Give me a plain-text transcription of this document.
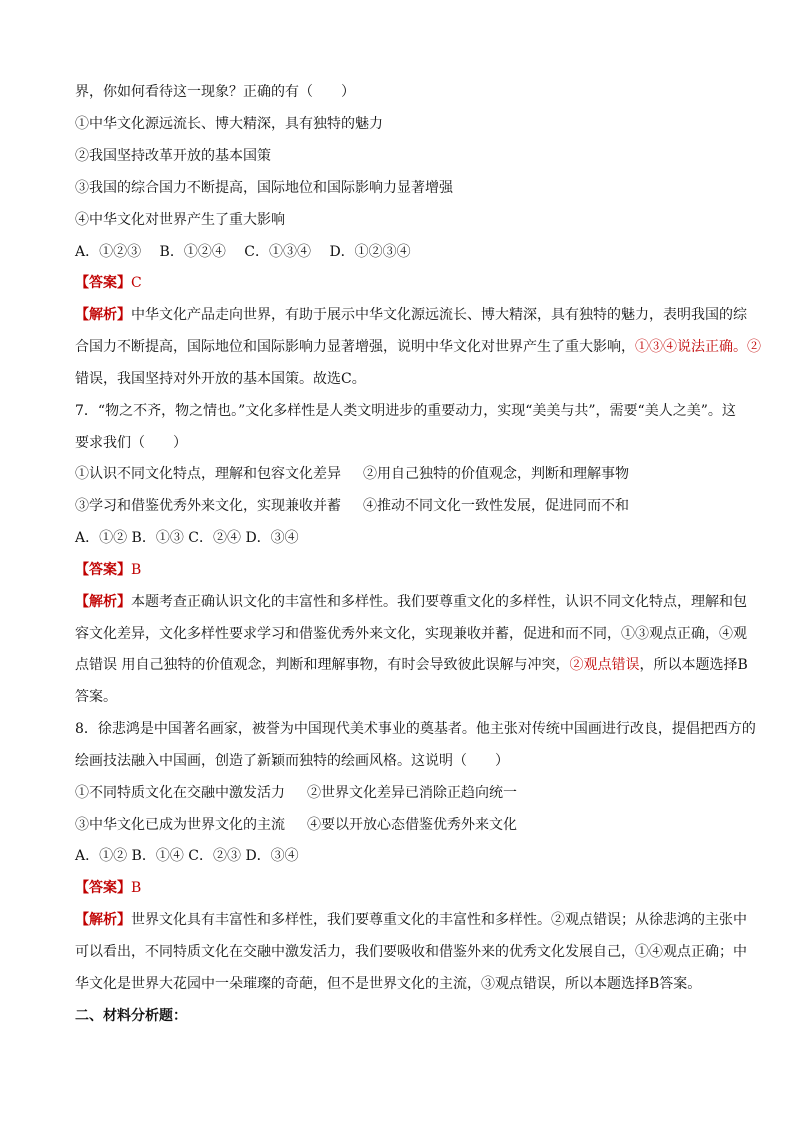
界，你如何看待这一现象？正确的有（　　）
①中华文化源远流长、博大精深，具有独特的魅力
②我国坚持改革开放的基本国策
③我国的综合国力不断提高，国际地位和国际影响力显著增强
④中华文化对世界产生了重大影响
A．①②③　 B．①②④　 C．①③④　 D．①②③④
【答案】C
【解析】中华文化产品走向世界，有助于展示中华文化源远流长、博大精深，具有独特的魅力，表明我国的综
合国力不断提高，国际地位和国际影响力显著增强，说明中华文化对世界产生了重大影响，①③④说法正确。②
错误，我国坚持对外开放的基本国策。故选C。
7．“物之不齐，物之情也。”文化多样性是人类文明进步的重要动力，实现“美美与共”，需要“美人之美”。这
要求我们（　　）
①认识不同文化特点，理解和包容文化差异 ②用自己独特的价值观念，判断和理解事物
③学习和借鉴优秀外来文化，实现兼收并蓄 ④推动不同文化一致性发展，促进同而不和
A．①② B．①③ C．②④ D．③④
【答案】B
【解析】本题考查正确认识文化的丰富性和多样性。我们要尊重文化的多样性，认识不同文化特点，理解和包
容文化差异，文化多样性要求学习和借鉴优秀外来文化，实现兼收并蓄，促进和而不同，①③观点正确，④观
点错误 用自己独特的价值观念，判断和理解事物，有时会导致彼此误解与冲突，②观点错误，所以本题选择B
答案。
8．徐悲鸿是中国著名画家，被誉为中国现代美术事业的奠基者。他主张对传统中国画进行改良，提倡把西方的
绘画技法融入中国画，创造了新颖而独特的绘画风格。这说明（　　）
①不同特质文化在交融中激发活力 ②世界文化差异已消除正趋向统一
③中华文化已成为世界文化的主流 ④要以开放心态借鉴优秀外来文化
A．①② B．①④ C．②③ D．③④
【答案】B
【解析】世界文化具有丰富性和多样性，我们要尊重文化的丰富性和多样性。②观点错误；从徐悲鸿的主张中
可以看出，不同特质文化在交融中激发活力，我们要吸收和借鉴外来的优秀文化发展自己，①④观点正确；中
华文化是世界大花园中一朵璀璨的奇葩，但不是世界文化的主流，③观点错误，所以本题选择B答案。
二、材料分析题：
